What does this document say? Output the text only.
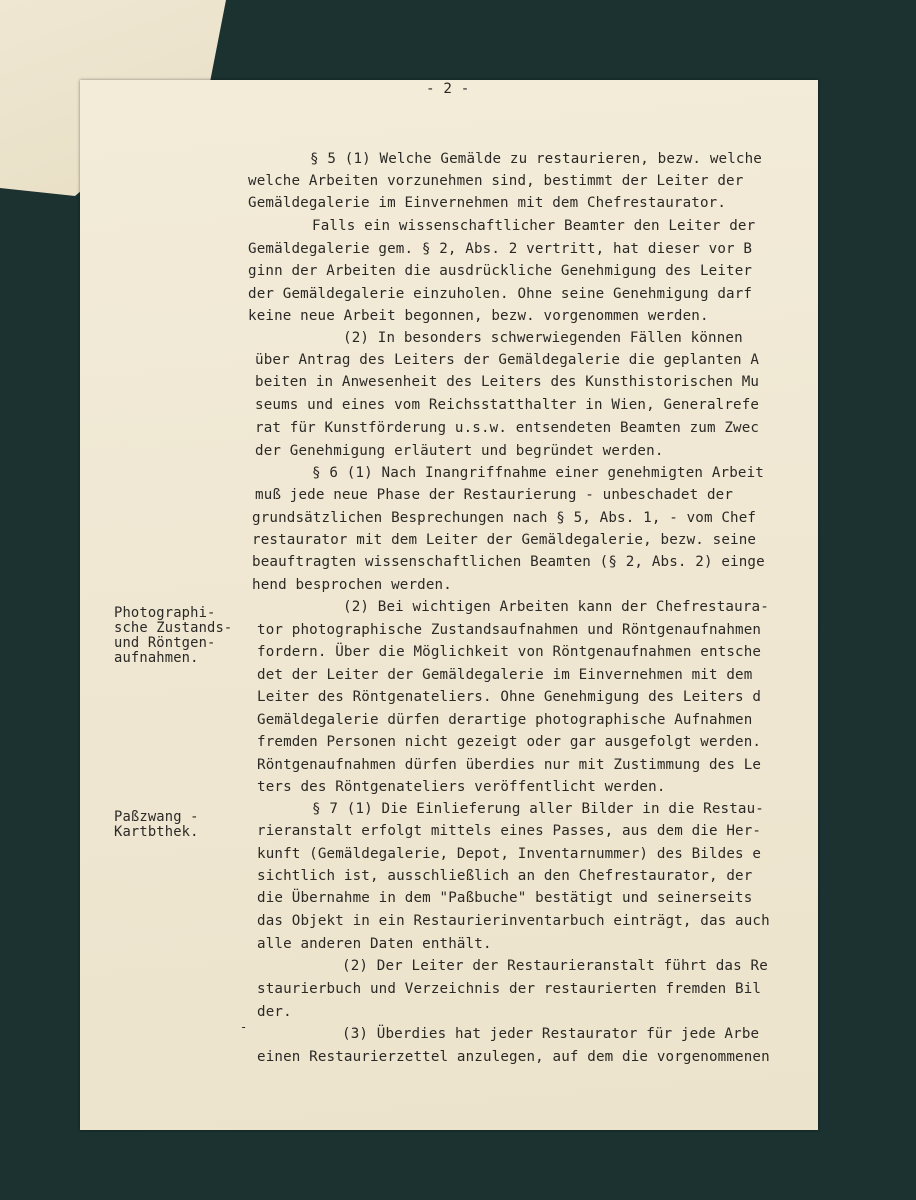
- 2 -
Photographi-
sche Zustands-
und Röntgen-
aufnahmen.
Paßzwang -
Kartbthek.
-
§ 5 (1) Welche Gemälde zu restaurieren, bezw. welche
welche Arbeiten vorzunehmen sind, bestimmt der Leiter der
Gemäldegalerie im Einvernehmen mit dem Chefrestaurator.
Falls ein wissenschaftlicher Beamter den Leiter der
Gemäldegalerie gem. § 2, Abs. 2 vertritt, hat dieser vor B
ginn der Arbeiten die ausdrückliche Genehmigung des Leiter
der Gemäldegalerie einzuholen. Ohne seine Genehmigung darf
keine neue Arbeit begonnen, bezw. vorgenommen werden.
(2) In besonders schwerwiegenden Fällen können
über Antrag des Leiters der Gemäldegalerie die geplanten A
beiten in Anwesenheit des Leiters des Kunsthistorischen Mu
seums und eines vom Reichsstatthalter in Wien, Generalrefe
rat für Kunstförderung u.s.w. entsendeten Beamten zum Zwec
der Genehmigung erläutert und begründet werden.
§ 6 (1) Nach Inangriffnahme einer genehmigten Arbeit
muß jede neue Phase der Restaurierung - unbeschadet der
grundsätzlichen Besprechungen nach § 5, Abs. 1, - vom Chef
restaurator mit dem Leiter der Gemäldegalerie, bezw. seine
beauftragten wissenschaftlichen Beamten (§ 2, Abs. 2) einge
hend besprochen werden.
(2) Bei wichtigen Arbeiten kann der Chefrestaura-
tor photographische Zustandsaufnahmen und Röntgenaufnahmen
fordern. Über die Möglichkeit von Röntgenaufnahmen entsche
det der Leiter der Gemäldegalerie im Einvernehmen mit dem
Leiter des Röntgenateliers. Ohne Genehmigung des Leiters d
Gemäldegalerie dürfen derartige photographische Aufnahmen
fremden Personen nicht gezeigt oder gar ausgefolgt werden.
Röntgenaufnahmen dürfen überdies nur mit Zustimmung des Le
ters des Röntgenateliers veröffentlicht werden.
§ 7 (1) Die Einlieferung aller Bilder in die Restau-
rieranstalt erfolgt mittels eines Passes, aus dem die Her-
kunft (Gemäldegalerie, Depot, Inventarnummer) des Bildes e
sichtlich ist, ausschließlich an den Chefrestaurator, der
die Übernahme in dem "Paßbuche" bestätigt und seinerseits
das Objekt in ein Restaurierinventarbuch einträgt, das auch
alle anderen Daten enthält.
(2) Der Leiter der Restaurieranstalt führt das Re
staurierbuch und Verzeichnis der restaurierten fremden Bil
der.
(3) Überdies hat jeder Restaurator für jede Arbe
einen Restaurierzettel anzulegen, auf dem die vorgenommenen
